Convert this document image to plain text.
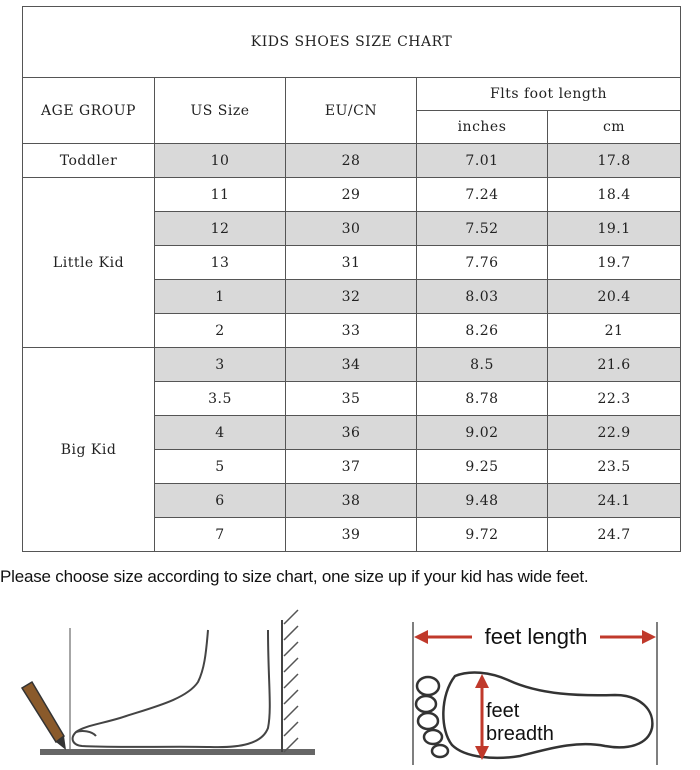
KIDS SHOES SIZE CHART				
AGE GROUP	US Size	EU/CN	Flts foot length	
			inches	cm
Toddler	10	28	7.01	17.8
Little Kid	11	29	7.24	18.4
	12	30	7.52	19.1
	13	31	7.76	19.7
	1	32	8.03	20.4
	2	33	8.26	21
Big Kid	3	34	8.5	21.6
	3.5	35	8.78	22.3
	4	36	9.02	22.9
	5	37	9.25	23.5
	6	38	9.48	24.1
	7	39	9.72	24.7
Please choose size according to size chart, one size up if your kid has wide feet.
feet length
feet
breadth
